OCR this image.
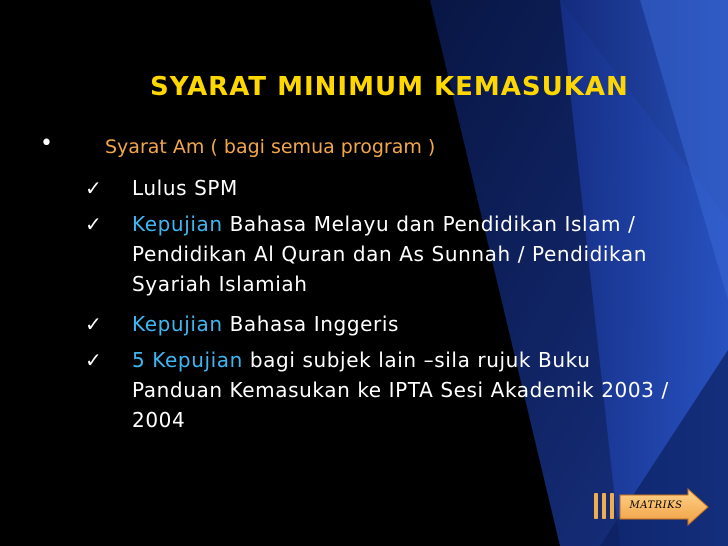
SYARAT MINIMUM KEMASUKAN
•	Syarat Am ( bagi semua program )
✓	Lulus SPM
✓	Kepujian Bahasa Melayu dan Pendidikan Islam / Pendidikan Al Quran dan As Sunnah / Pendidikan Syariah Islamiah
✓	Kepujian Bahasa Inggeris
✓	5 Kepujian bagi subjek lain –sila rujuk Buku Panduan Kemasukan ke IPTA Sesi Akademik 2003 / 2004
MATRIKS
